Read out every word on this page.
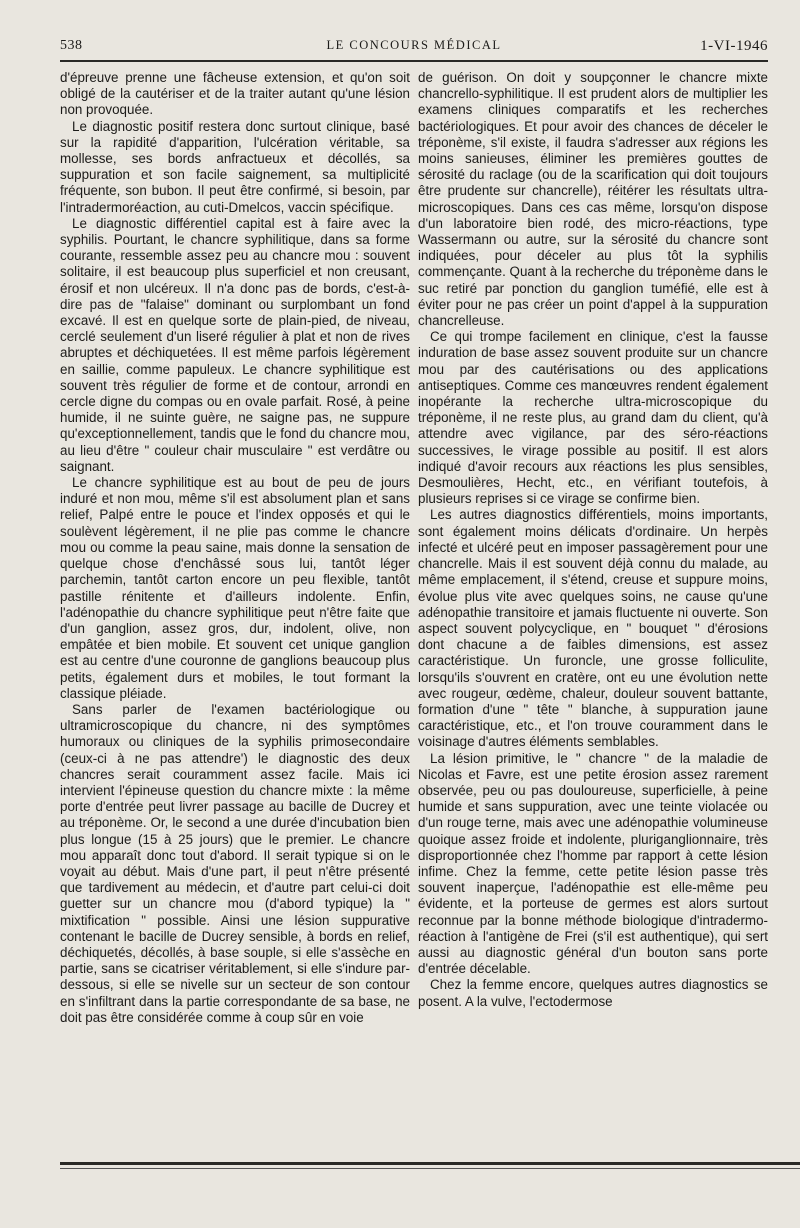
538	LE CONCOURS MÉDICAL	1-VI-1946

d'épreuve prenne une fâcheuse extension, et qu'on soit obligé de la cautériser et de la traiter autant qu'une lésion non provoquée.

Le diagnostic positif restera donc surtout clinique, basé sur la rapidité d'apparition, l'ulcération véritable, sa mollesse, ses bords anfractueux et décollés, sa suppuration et son facile saignement, sa multiplicité fréquente, son bubon. Il peut être confirmé, si besoin, par l'intradermoréaction, au cuti-Dmelcos, vaccin spécifique.

Le diagnostic différentiel capital est à faire avec la syphilis. Pourtant, le chancre syphilitique, dans sa forme courante, ressemble assez peu au chancre mou : souvent solitaire, il est beaucoup plus superficiel et non creusant, érosif et non ulcéreux. Il n'a donc pas de bords, c'est-à-dire pas de "falaise" dominant ou surplombant un fond excavé. Il est en quelque sorte de plain-pied, de niveau, cerclé seulement d'un liseré régulier à plat et non de rives abruptes et déchiquetées. Il est même parfois légèrement en saillie, comme papuleux. Le chancre syphilitique est souvent très régulier de forme et de contour, arrondi en cercle digne du compas ou en ovale parfait. Rosé, à peine humide, il ne suinte guère, ne saigne pas, ne suppure qu'exceptionnellement, tandis que le fond du chancre mou, au lieu d'être " couleur chair musculaire " est verdâtre ou saignant.

Le chancre syphilitique est au bout de peu de jours induré et non mou, même s'il est absolument plan et sans relief, Palpé entre le pouce et l'index opposés et qui le soulèvent légèrement, il ne plie pas comme le chancre mou ou comme la peau saine, mais donne la sensation de quelque chose d'enchâssé sous lui, tantôt léger parchemin, tantôt carton encore un peu flexible, tantôt pastille rénitente et d'ailleurs indolente. Enfin, l'adénopathie du chancre syphilitique peut n'être faite que d'un ganglion, assez gros, dur, indolent, olive, non empâtée et bien mobile. Et souvent cet unique ganglion est au centre d'une couronne de ganglions beaucoup plus petits, également durs et mobiles, le tout formant la classique pléiade.

Sans parler de l'examen bactériologique ou ultramicroscopique du chancre, ni des symptômes humoraux ou cliniques de la syphilis primosecondaire (ceux-ci à ne pas attendre') le diagnostic des deux chancres serait couramment assez facile. Mais ici intervient l'épineuse question du chancre mixte : la même porte d'entrée peut livrer passage au bacille de Ducrey et au tréponème. Or, le second a une durée d'incubation bien plus longue (15 à 25 jours) que le premier. Le chancre mou apparaît donc tout d'abord. Il serait typique si on le voyait au début. Mais d'une part, il peut n'être présenté que tardivement au médecin, et d'autre part celui-ci doit guetter sur un chancre mou (d'abord typique) la " mixtification " possible. Ainsi une lésion suppurative contenant le bacille de Ducrey sensible, à bords en relief, déchiquetés, décollés, à base souple, si elle s'assèche en partie, sans se cicatriser véritablement, si elle s'indure par-dessous, si elle se nivelle sur un secteur de son contour en s'infiltrant dans la partie correspondante de sa base, ne doit pas être considérée comme à coup sûr en voie

de guérison. On doit y soupçonner le chancre mixte chancrello-syphilitique. Il est prudent alors de multiplier les examens cliniques comparatifs et les recherches bactériologiques. Et pour avoir des chances de déceler le tréponème, s'il existe, il faudra s'adresser aux régions les moins sanieuses, éliminer les premières gouttes de sérosité du raclage (ou de la scarification qui doit toujours être prudente sur chancrelle), réitérer les résultats ultra-microscopiques. Dans ces cas même, lorsqu'on dispose d'un laboratoire bien rodé, des micro-réactions, type Wassermann ou autre, sur la sérosité du chancre sont indiquées, pour déceler au plus tôt la syphilis commençante. Quant à la recherche du tréponème dans le suc retiré par ponction du ganglion tuméfié, elle est à éviter pour ne pas créer un point d'appel à la suppuration chancrelleuse.

Ce qui trompe facilement en clinique, c'est la fausse induration de base assez souvent produite sur un chancre mou par des cautérisations ou des applications antiseptiques. Comme ces manœuvres rendent également inopérante la recherche ultra-microscopique du tréponème, il ne reste plus, au grand dam du client, qu'à attendre avec vigilance, par des séro-réactions successives, le virage possible au positif. Il est alors indiqué d'avoir recours aux réactions les plus sensibles, Desmoulières, Hecht, etc., en vérifiant toutefois, à plusieurs reprises si ce virage se confirme bien.

Les autres diagnostics différentiels, moins importants, sont également moins délicats d'ordinaire. Un herpès infecté et ulcéré peut en imposer passagèrement pour une chancrelle. Mais il est souvent déjà connu du malade, au même emplacement, il s'étend, creuse et suppure moins, évolue plus vite avec quelques soins, ne cause qu'une adénopathie transitoire et jamais fluctuente ni ouverte. Son aspect souvent polycyclique, en " bouquet " d'érosions dont chacune a de faibles dimensions, est assez caractéristique. Un furoncle, une grosse folliculite, lorsqu'ils s'ouvrent en cratère, ont eu une évolution nette avec rougeur, œdème, chaleur, douleur souvent battante, formation d'une " tête " blanche, à suppuration jaune caractéristique, etc., et l'on trouve couramment dans le voisinage d'autres éléments semblables.

La lésion primitive, le " chancre " de la maladie de Nicolas et Favre, est une petite érosion assez rarement observée, peu ou pas douloureuse, superficielle, à peine humide et sans suppuration, avec une teinte violacée ou d'un rouge terne, mais avec une adénopathie volumineuse quoique assez froide et indolente, pluriganglionnaire, très disproportionnée chez l'homme par rapport à cette lésion infime. Chez la femme, cette petite lésion passe très souvent inaperçue, l'adénopathie est elle-même peu évidente, et la porteuse de germes est alors surtout reconnue par la bonne méthode biologique d'intradermo-réaction à l'antigène de Frei (s'il est authentique), qui sert aussi au diagnostic général d'un bouton sans porte d'entrée décelable.

Chez la femme encore, quelques autres diagnostics se posent. A la vulve, l'ectodermose
